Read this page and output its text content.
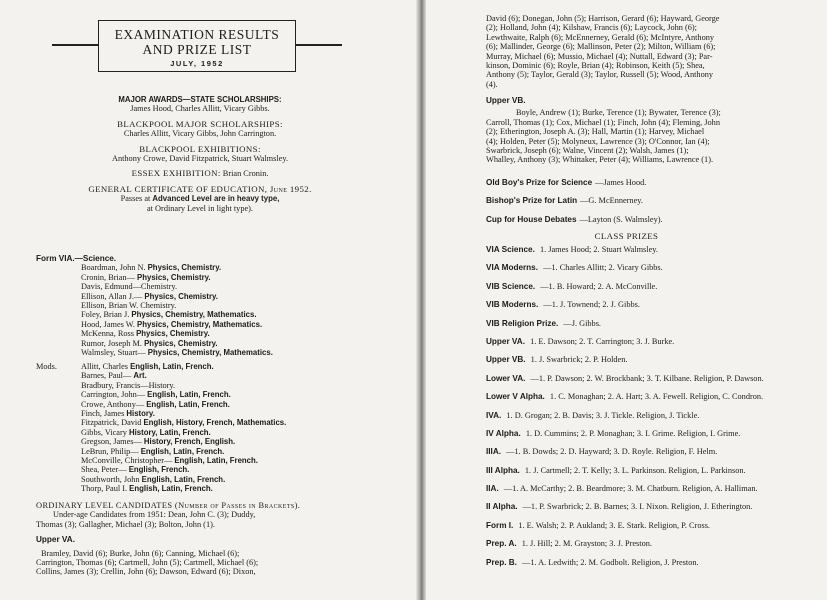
EXAMINATION RESULTS
AND PRIZE LIST
JULY, 1952
MAJOR AWARDS—STATE SCHOLARSHIPS:
James Hood, Charles Allitt, Vicary Gibbs.
BLACKPOOL MAJOR SCHOLARSHIPS:
Charles Allitt, Vicary Gibbs, John Carrington.
BLACKPOOL EXHIBITIONS:
Anthony Crowe, David Fitzpatrick, Stuart Walmsley.
ESSEX EXHIBITION: Brian Cronin.
GENERAL CERTIFICATE OF EDUCATION, June 1952.
Passes at Advanced Level are in heavy type,
at Ordinary Level in light type).
Form VIA.—Science.
Boardman, John N. Physics, Chemistry.
Cronin, Brian— Physics, Chemistry.
Davis, Edmund—Chemistry.
Ellison, Allan J.— Physics, Chemistry.
Ellison, Brian W. Chemistry.
Foley, Brian J. Physics, Chemistry, Mathematics.
Hood, James W. Physics, Chemistry, Mathematics.
McKenna, Ross Physics, Chemistry.
Rumor, Joseph M. Physics, Chemistry.
Walmsley, Stuart— Physics, Chemistry, Mathematics.
Mods.	Allitt, Charles English, Latin, French.
Barnes, Paul— Art.
Bradbury, Francis—History.
Carrington, John— English, Latin, French.
Crowe, Anthony— English, Latin, French.
Finch, James History.
Fitzpatrick, David English, History, French, Mathematics.
Gibbs, Vicary History, Latin, French.
Gregson, James— History, French, English.
LeBrun, Philip— English, Latin, French.
McConville, Christopher— English, Latin, French.
Shea, Peter— English, French.
Southworth, John English, Latin, French.
Thorp, Paul I. English, Latin, French.
ORDINARY LEVEL CANDIDATES (Number of Passes in Brackets).
Under-age Candidates from 1951: Dean, John C. (3); Duddy,
Thomas (3); Gallagher, Michael (3); Bolton, John (1).
Upper VA.
Bramley, David (6); Burke, John (6); Canning, Michael (6);
Carrington, Thomas (6); Cartmell, John (5); Cartmell, Michael (6);
Collins, James (3); Crellin, John (6); Dawson, Edward (6); Dixon,
David (6); Donegan, John (5); Harrison, Gerard (6); Hayward, George
(2); Holland, John (4); Kilshaw, Francis (6); Laycock, John (6);
Lewthwaite, Ralph (6); McEnnerney, Gerald (6); McIntyre, Anthony
(6); Mallinder, George (6); Mallinson, Peter (2); Milton, William (6);
Murray, Michael (6); Mussio, Michael (4); Nuttall, Edward (3); Par-
kinson, Dominic (6); Royle, Brian (4); Robinson, Keith (5); Shea,
Anthony (5); Taylor, Gerald (3); Taylor, Russell (5); Wood, Anthony
(4).
Upper VB.
Boyle, Andrew (1); Burke, Terence (1); Bywater, Terence (3);
Carroll, Thomas (1); Cox, Michael (1); Finch, John (4); Fleming, John
(2); Etherington, Joseph A. (3); Hall, Martin (1); Harvey, Michael
(4); Holden, Peter (5); Molyneux, Lawrence (3); O'Connor, Ian (4);
Swarbrick, Joseph (6); Walne, Vincent (2); Walsh, James (1);
Whalley, Anthony (3); Whittaker, Peter (4); Williams, Lawrence (1).
Old Boy's Prize for Science —James Hood.
Bishop's Prize for Latin —G. McEnnerney.
Cup for House Debates —Layton (S. Walmsley).
CLASS PRIZES
VIA Science. 1. James Hood; 2. Stuart Walmsley.
VIA Moderns. —1. Charles Allitt; 2. Vicary Gibbs.
VIB Science. —1. B. Howard; 2. A. McConville.
VIB Moderns. —1. J. Townend; 2. J. Gibbs.
VIB Religion Prize. —J. Gibbs.
Upper VA. 1. E. Dawson; 2. T. Carrington; 3. J. Burke.
Upper VB. 1. J. Swarbrick; 2. P. Holden.
Lower VA. —1. P. Dawson; 2. W. Brockbank; 3. T. Kilbane. Religion, P. Dawson.
Lower V Alpha. 1. C. Monaghan; 2. A. Hart; 3. A. Fewell. Religion, C. Condron.
IVA. 1. D. Grogan; 2. B. Davis; 3. J. Tickle. Religion, J. Tickle.
IV Alpha. 1. D. Cummins; 2. P. Monaghan; 3. I. Grime. Religion, I. Grime.
IIIA. —1. B. Dowds; 2. D. Hayward; 3. D. Royle. Religion, F. Helm.
III Alpha. 1. J. Cartmell; 2. T. Kelly; 3. L. Parkinson. Religion, L. Parkinson.
IIA. —1. A. McCarthy; 2. B. Beardmore; 3. M. Chatburn. Religion, A. Halliman.
II Alpha. —1. P. Swarbrick; 2. B. Barnes; 3. I. Nixon. Religion, J. Etherington.
Form I. 1. E. Walsh; 2. P. Aukland; 3. E. Stark. Religion, P. Cross.
Prep. A. 1. J. Hill; 2. M. Grayston; 3. J. Preston.
Prep. B. —1. A. Ledwith; 2. M. Godbolt. Religion, J. Preston.
